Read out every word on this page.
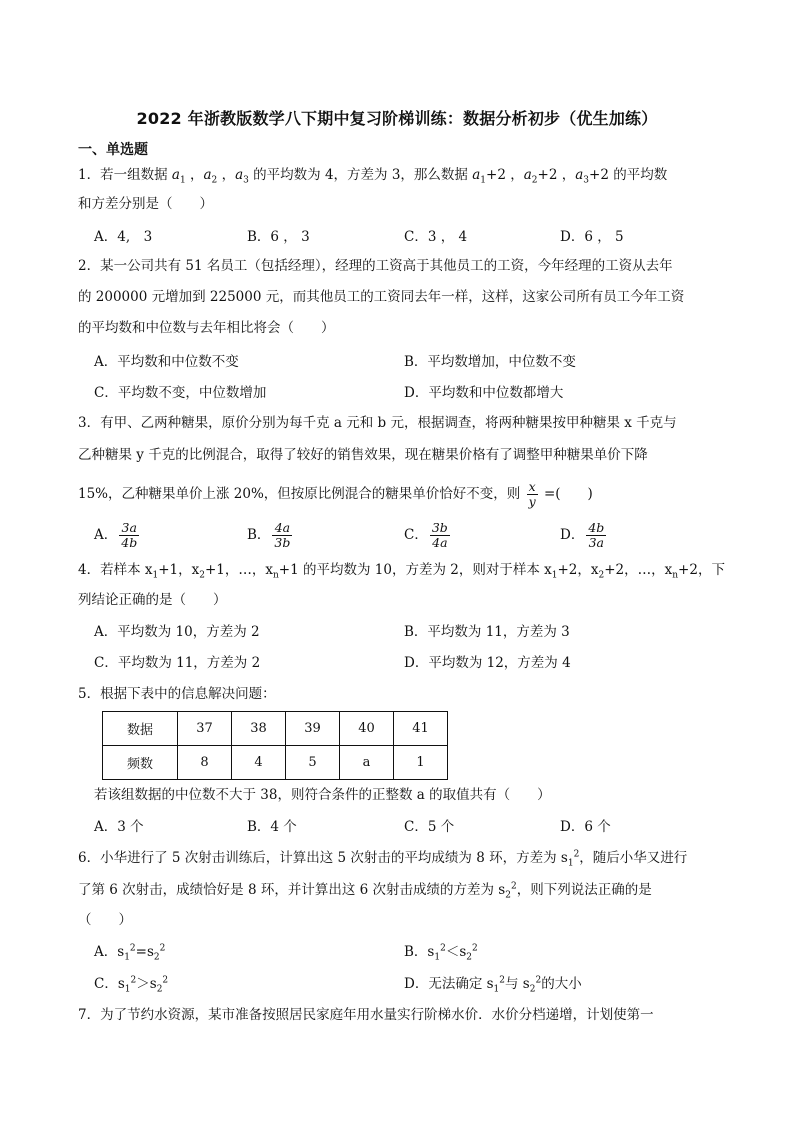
2022 年浙教版数学八下期中复习阶梯训练：数据分析初步（优生加练）
一、单选题
1．若一组数据 $a_1$ ，$a_2$ ，$a_3$ 的平均数为 4，方差为 3，那么数据 $a_1+2$ ，$a_2+2$ ，$a_3+2$ 的平均数
和方差分别是（　　）
A．4,　3	B．6 ， 3	C．3 ， 4	D．6 ， 5
2．某一公司共有 51 名员工（包括经理），经理的工资高于其他员工的工资，今年经理的工资从去年
的 200000 元增加到 225000 元，而其他员工的工资同去年一样，这样，这家公司所有员工今年工资
的平均数和中位数与去年相比将会（　　）
A．平均数和中位数不变	B．平均数增加，中位数不变
C．平均数不变，中位数增加	D．平均数和中位数都增大
3．有甲、乙两种糖果，原价分别为每千克 a 元和 b 元，根据调查，将两种糖果按甲种糖果 x 千克与
乙种糖果 y 千克的比例混合，取得了较好的销售效果，现在糖果价格有了调整甲种糖果单价下降
15%，乙种糖果单价上涨 20%，但按原比例混合的糖果单价恰好不变，则 $\frac{x}{y}$ =(　　)
A． $\frac{3a}{4b}$	B． $\frac{4a}{3b}$	C． $\frac{3b}{4a}$	D． $\frac{4b}{3a}$
4．若样本 $x_1+1$，$x_2+1$，…，$x_n+1$ 的平均数为 10，方差为 2，则对于样本 $x_1+2$，$x_2+2$，…，$x_n+2$，下
列结论正确的是（　　）
A．平均数为 10，方差为 2	B．平均数为 11，方差为 3
C．平均数为 11，方差为 2	D．平均数为 12，方差为 4
5．根据下表中的信息解决问题：
数据	37	38	39	40	41
频数	8	4	5	a	1
若该组数据的中位数不大于 38，则符合条件的正整数 a 的取值共有（　　）
A．3 个	B．4 个	C．5 个	D．6 个
6．小华进行了 5 次射击训练后，计算出这 5 次射击的平均成绩为 8 环，方差为 $s_1^2$，随后小华又进行
了第 6 次射击，成绩恰好是 8 环，并计算出这 6 次射击成绩的方差为 $s_2^2$，则下列说法正确的是
（　　）
A．$s_1^2=s_2^2$	B．$s_1^2<s_2^2$
C．$s_1^2>s_2^2$	D．无法确定 $s_1^2$与 $s_2^2$的大小
7．为了节约水资源，某市准备按照居民家庭年用水量实行阶梯水价．水价分档递增，计划使第一
